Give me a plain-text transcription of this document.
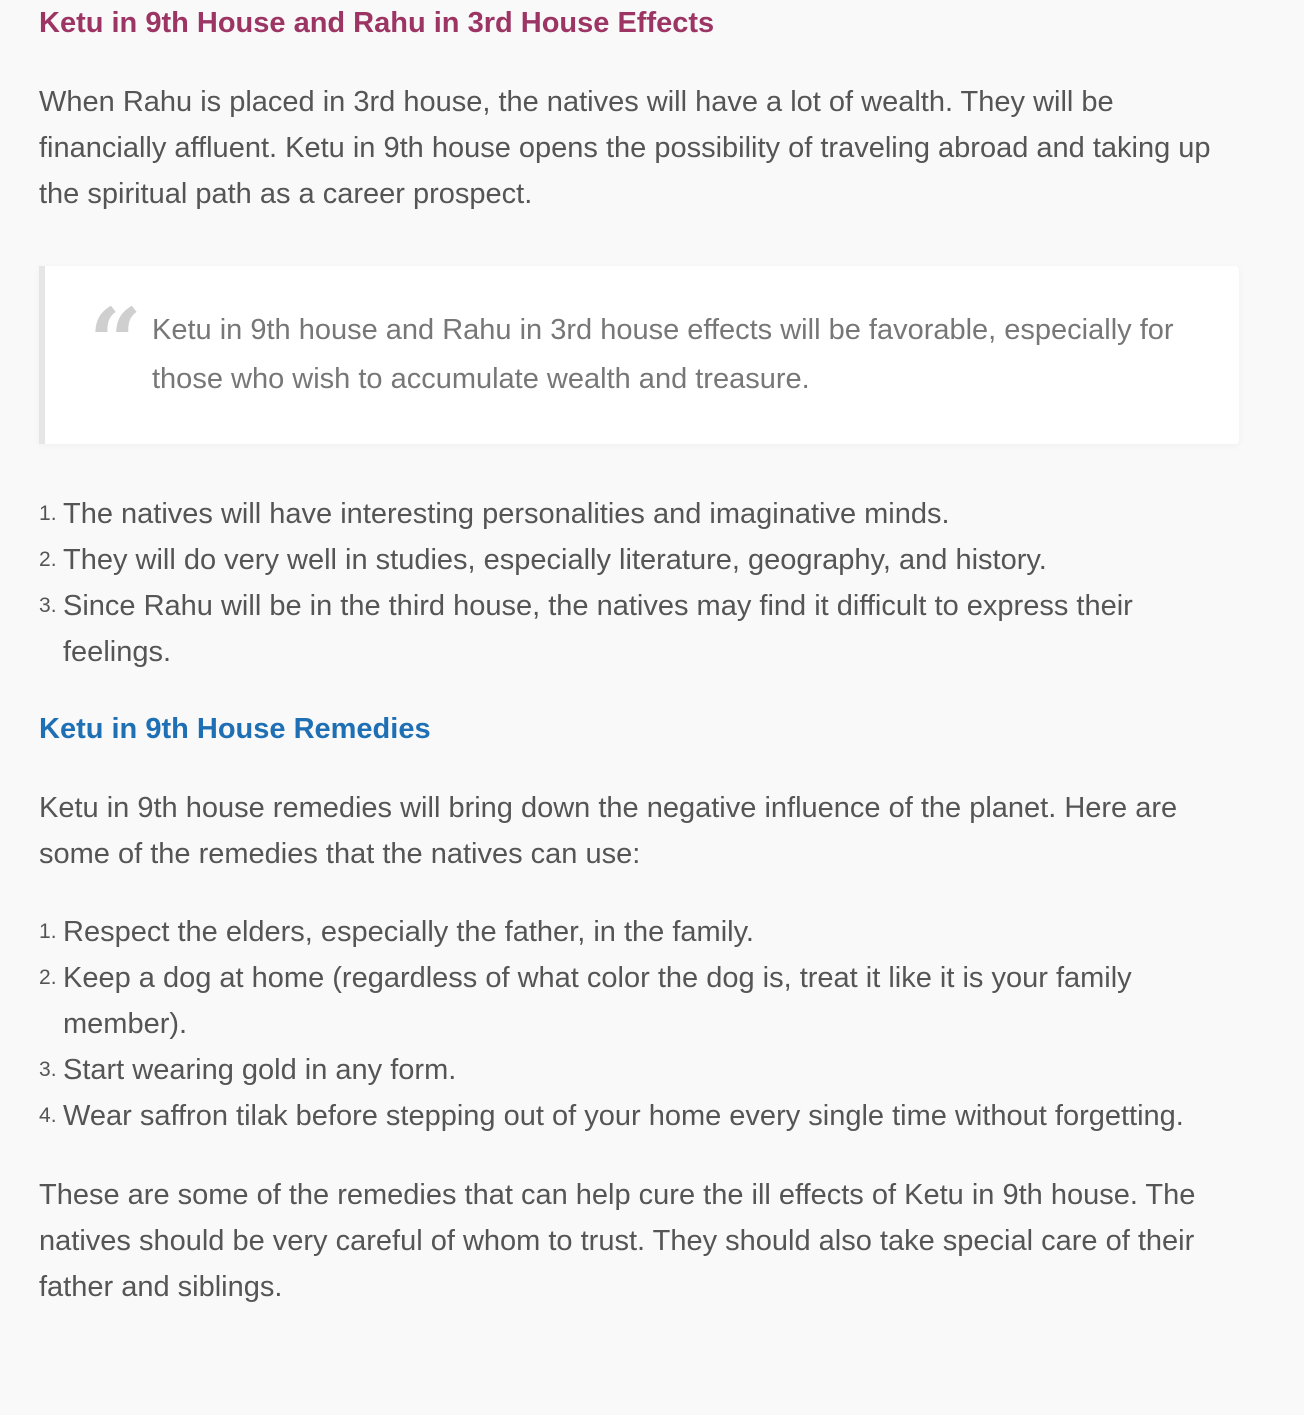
Ketu in 9th House and Rahu in 3rd House Effects

When Rahu is placed in 3rd house, the natives will have a lot of wealth. They will be financially affluent. Ketu in 9th house opens the possibility of traveling abroad and taking up the spiritual path as a career prospect.

“ Ketu in 9th house and Rahu in 3rd house effects will be favorable, especially for those who wish to accumulate wealth and treasure.

1 . The natives will have interesting personalities and imaginative minds.
2 . They will do very well in studies, especially literature, geography, and history.
3 . Since Rahu will be in the third house, the natives may find it difficult to express their feelings.
Ketu in 9th House Remedies

Ketu in 9th house remedies will bring down the negative influence of the planet. Here are some of the remedies that the natives can use:

1 . Respect the elders, especially the father, in the family.
2 . Keep a dog at home (regardless of what color the dog is, treat it like it is your family member).
3 . Start wearing gold in any form.
4 . Wear saffron tilak before stepping out of your home every single time without forgetting.

These are some of the remedies that can help cure the ill effects of Ketu in 9th house. The natives should be very careful of whom to trust. They should also take special care of their father and siblings.
